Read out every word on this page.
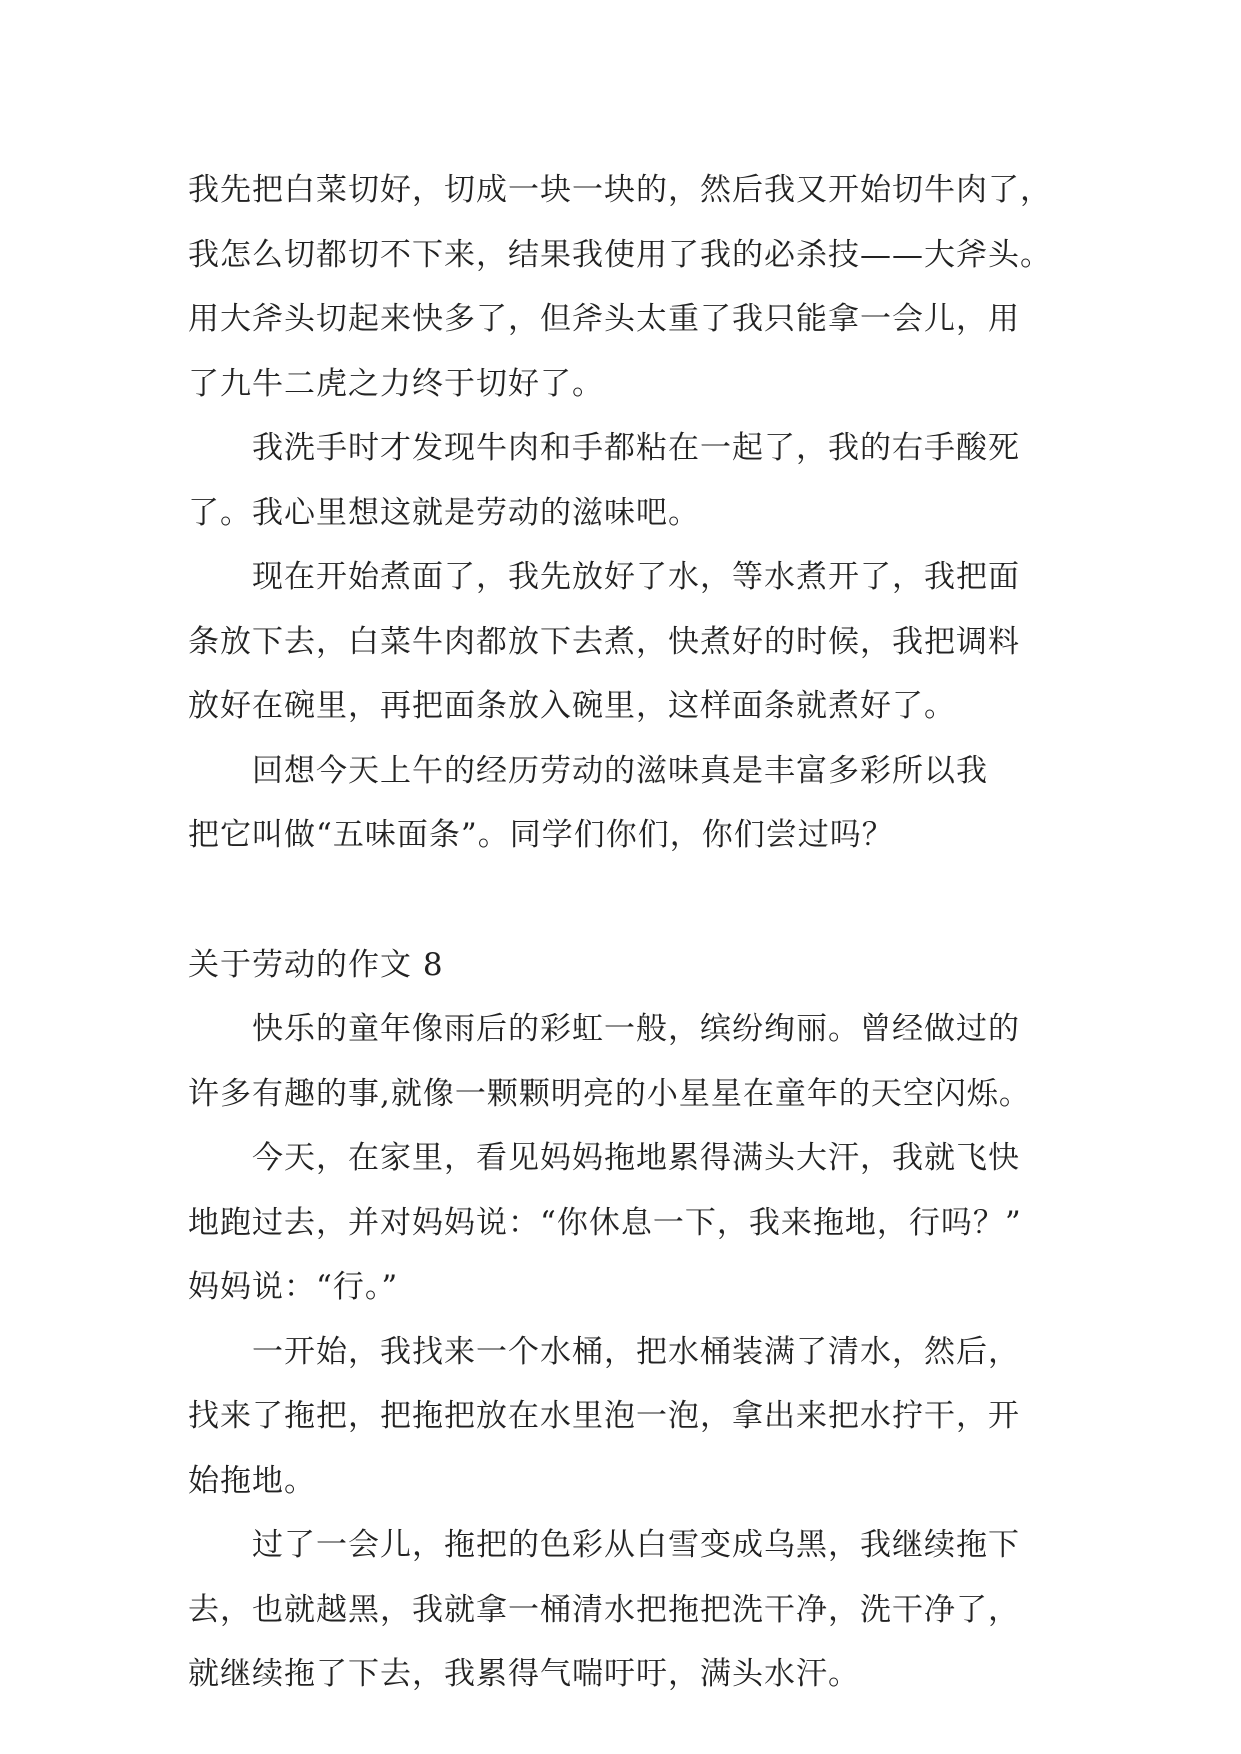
我先把白菜切好，切成一块一块的，然后我又开始切牛肉了，
我怎么切都切不下来，结果我使用了我的必杀技——大斧头。
用大斧头切起来快多了，但斧头太重了我只能拿一会儿，用
了九牛二虎之力终于切好了。
我洗手时才发现牛肉和手都粘在一起了，我的右手酸死
了。我心里想这就是劳动的滋味吧。
现在开始煮面了，我先放好了水，等水煮开了，我把面
条放下去，白菜牛肉都放下去煮，快煮好的时候，我把调料
放好在碗里，再把面条放入碗里，这样面条就煮好了。
回想今天上午的经历劳动的滋味真是丰富多彩所以我
把它叫做“五味面条”。同学们你们，你们尝过吗？
关于劳动的作文 8
快乐的童年像雨后的彩虹一般，缤纷绚丽。曾经做过的
许多有趣的事,就像一颗颗明亮的小星星在童年的天空闪烁。
今天，在家里，看见妈妈拖地累得满头大汗，我就飞快
地跑过去，并对妈妈说：“你休息一下，我来拖地，行吗？”
妈妈说：“行。”
一开始，我找来一个水桶，把水桶装满了清水，然后，
找来了拖把，把拖把放在水里泡一泡，拿出来把水拧干，开
始拖地。
过了一会儿，拖把的色彩从白雪变成乌黑，我继续拖下
去，也就越黑，我就拿一桶清水把拖把洗干净，洗干净了，
就继续拖了下去，我累得气喘吁吁，满头水汗。
